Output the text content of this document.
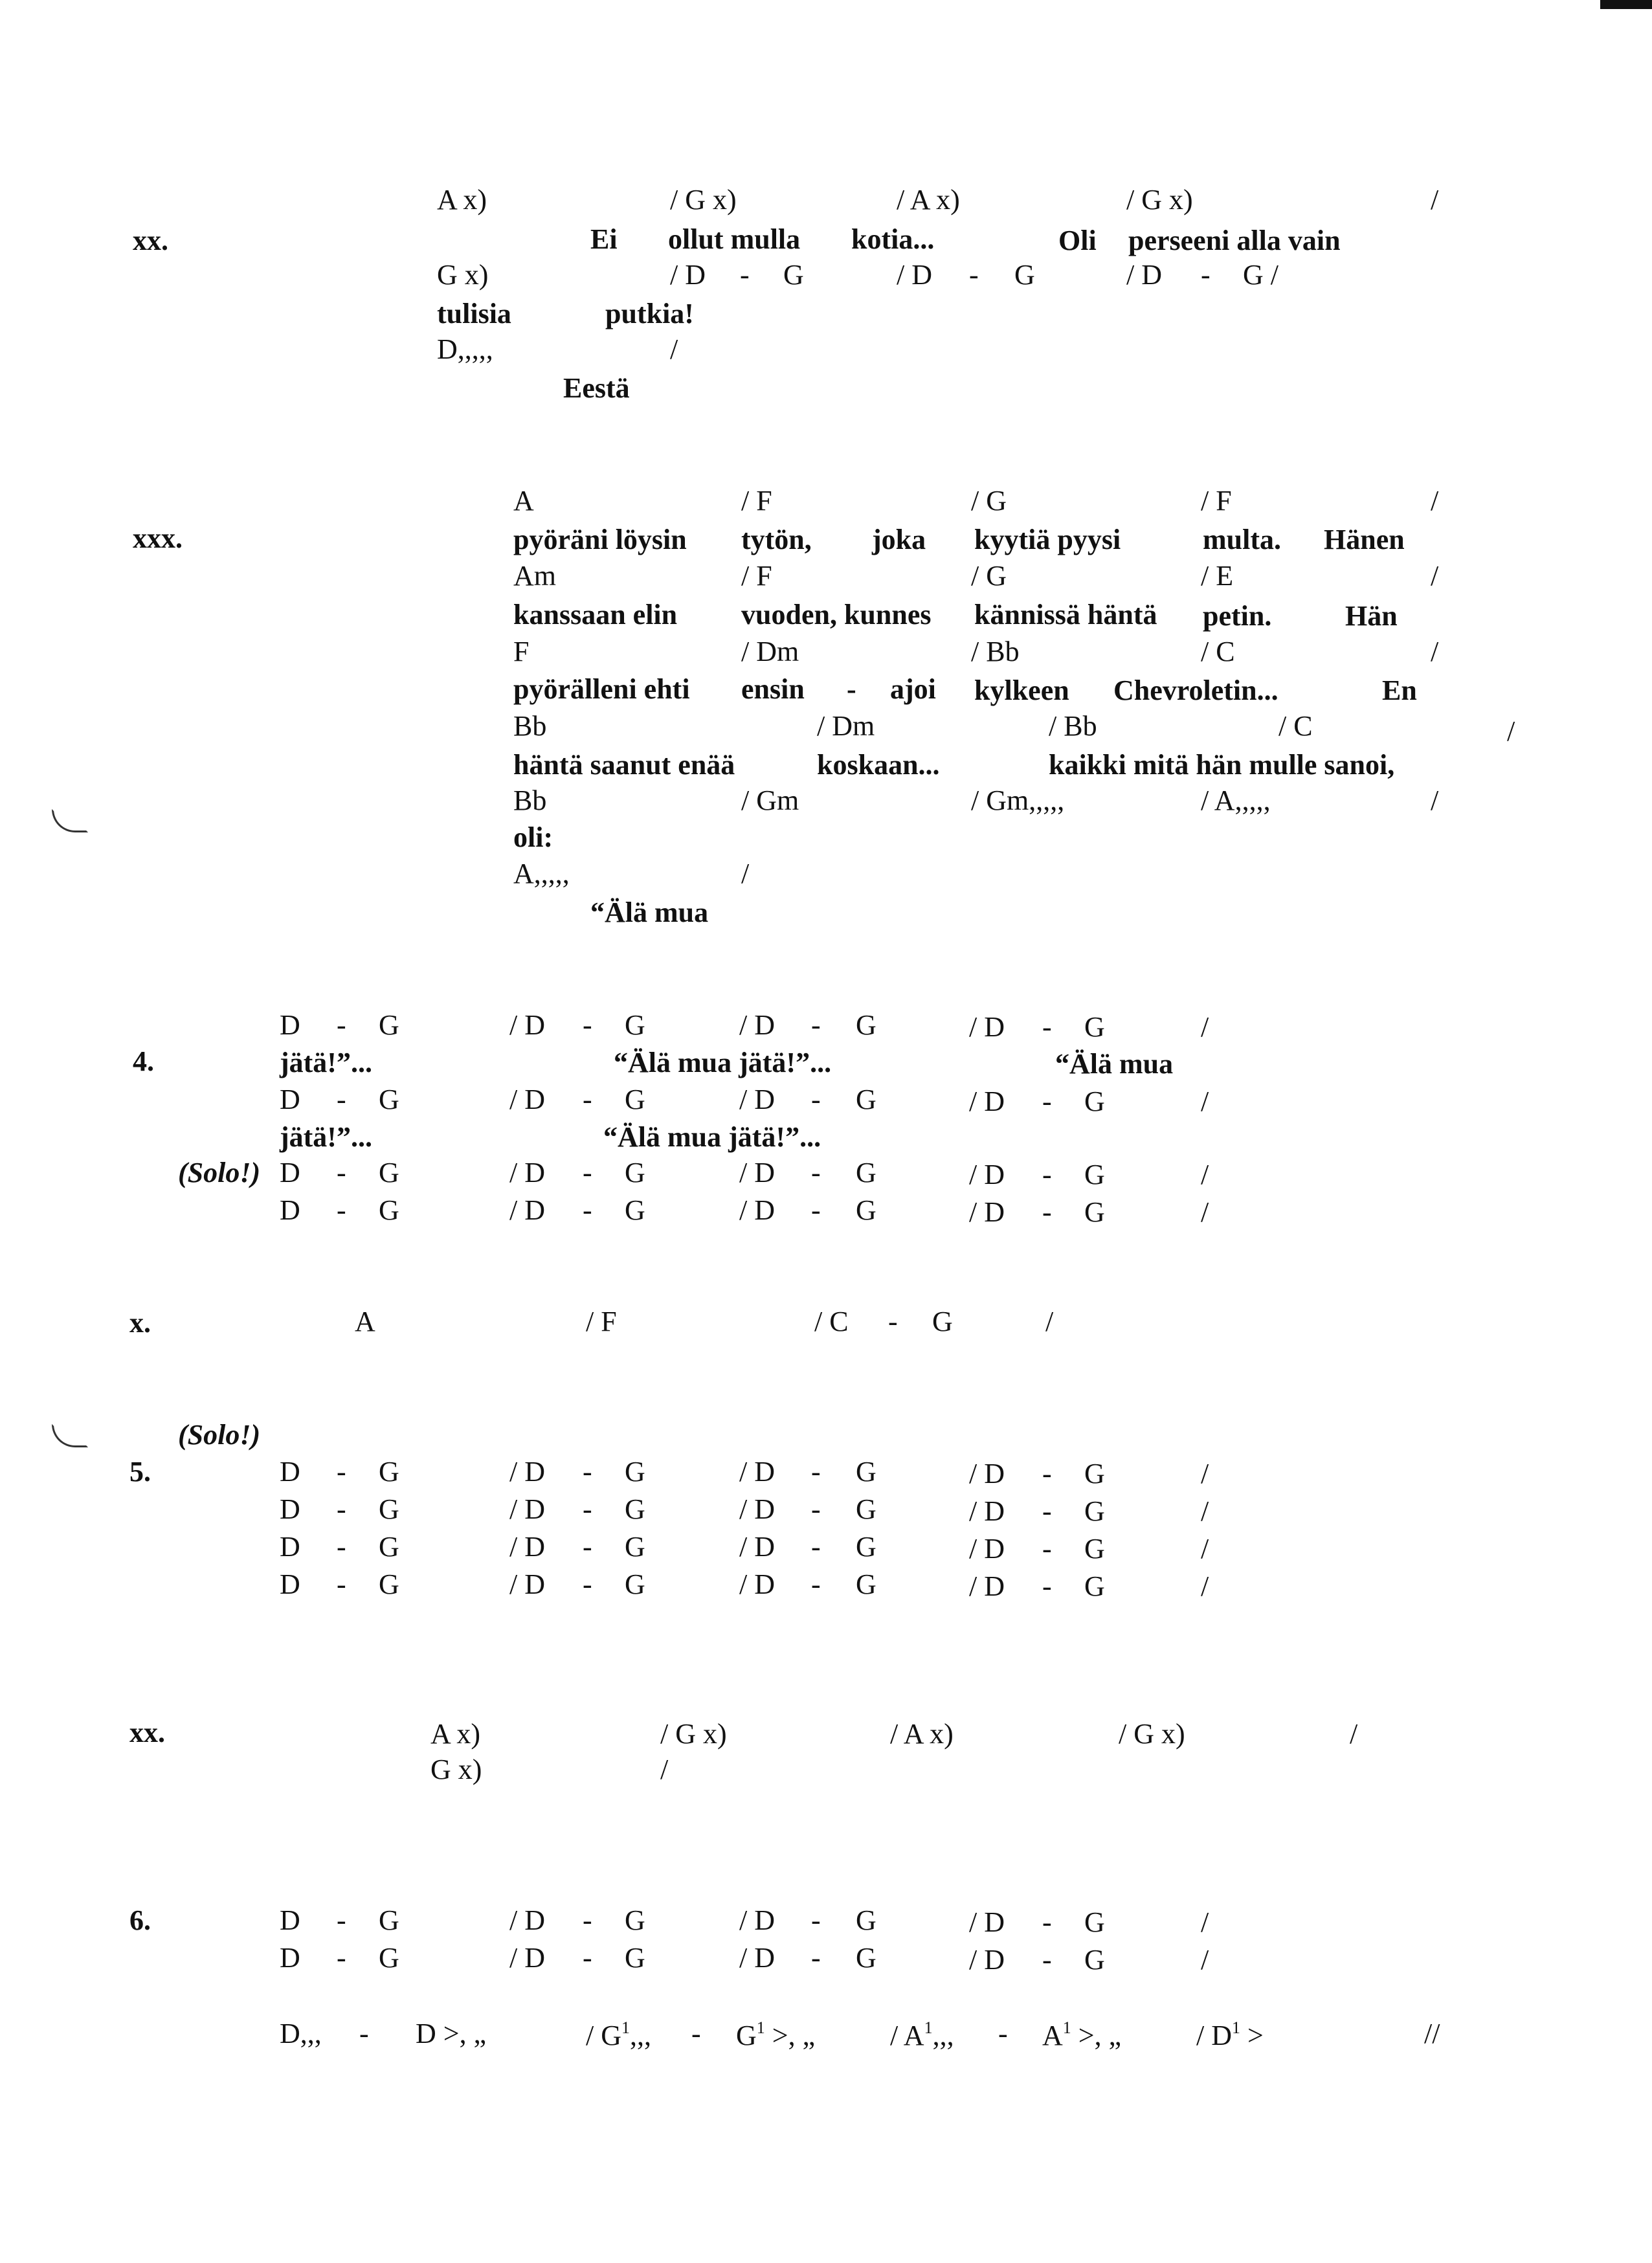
xx.
A x)	/ G x)	/ A x)	/ G x)	/
Ei ollut mulla kotia...	Oli perseeni alla vain
G x)	/ D - G	/ D - G	/ D - G /
tulisia	putkia!
D,,,,,	/
Eestä
xxx.
A	/ F	/ G	/ F	/
pyöräni löysin tytön, joka kyytiä pyysi	multa. Hänen
Am	/ F	/ G	/ E	/
kanssaan elin vuoden, kunnes kännissä häntä petin.	Hän
F	/ Dm	/ Bb	/ C	/
pyörälleni ehti ensin - ajoi kylkeen Chevroletin...	En
Bb	/ Dm	/ Bb	/ C	/
häntä saanut enää	koskaan...	kaikki mitä hän mulle sanoi,
Bb	/ Gm	/ Gm,,,,,	/ A,,,,,	/
oli:
A,,,,,	/
“Älä mua
4.
D - G	/ D - G	/ D - G	/ D - G	/
jätä!”...	“Älä mua jätä!”...	“Älä mua
D - G	/ D - G	/ D - G	/ D - G	/
jätä!”...	“Älä mua jätä!”...
(Solo!) D - G	/ D - G	/ D - G	/ D - G	/
D - G	/ D - G	/ D - G	/ D - G	/
x.	A	/ F	/ C - G	/
(Solo!)
5.	D - G	/ D - G	/ D - G	/ D - G	/
D - G	/ D - G	/ D - G	/ D - G	/
D - G	/ D - G	/ D - G	/ D - G	/
D - G	/ D - G	/ D - G	/ D - G	/
xx.	A x)	/ G x)	/ A x)	/ G x)	/
G x)	/
6.	D - G	/ D - G	/ D - G	/ D - G	/
D - G	/ D - G	/ D - G	/ D - G	/
D,,, - D >, „	/ $G^1$,,, - $G^1$ >, „	/ $A^1$,,, - $A^1$ >, „	/ $D^1$ >	//
